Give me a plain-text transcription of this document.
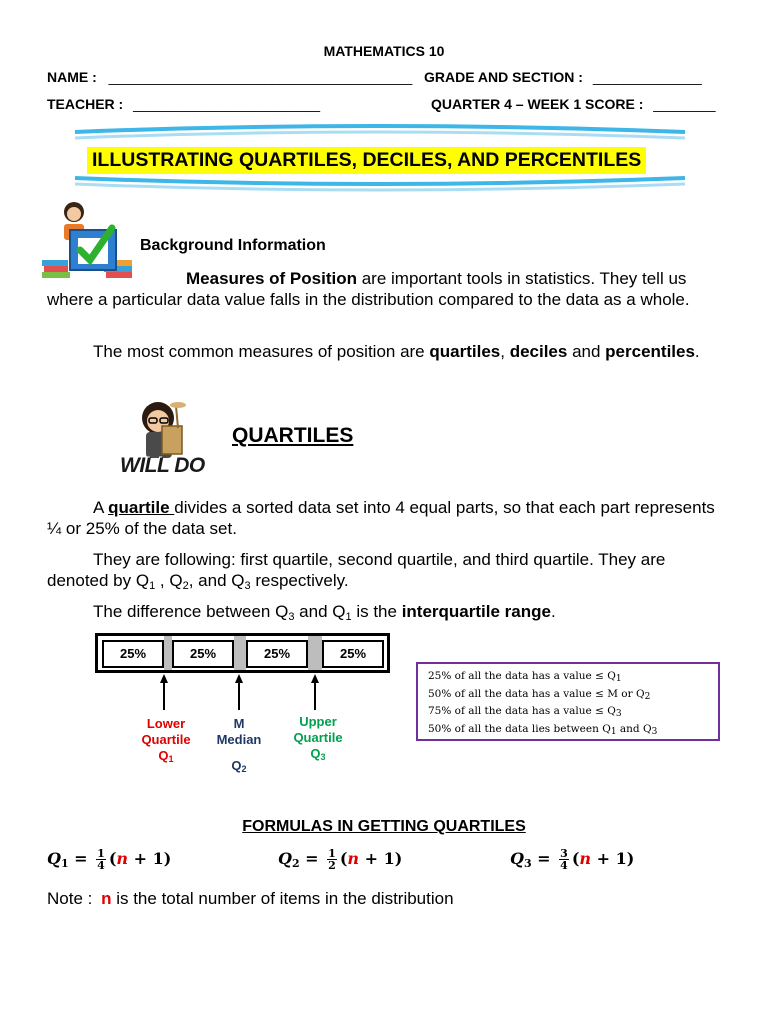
MATHEMATICS 10
NAME : _______________________________________ GRADE AND SECTION : ______________
TEACHER : ________________________	QUARTER 4 – WEEK 1 SCORE : ________
ILLUSTRATING QUARTILES, DECILES, AND PERCENTILES
Background Information
Measures of Position are important tools in statistics. They tell us where a particular data value falls in the distribution compared to the data as a whole.
The most common measures of position are quartiles, deciles and percentiles.
WILL DO
QUARTILES
A quartile divides a sorted data set into 4 equal parts, so that each part represents ¼ or 25% of the data set.
They are following: first quartile, second quartile, and third quartile. They are denoted by $Q_1$ , $Q_2$, and $Q_3$ respectively.
The difference between $Q_3$ and $Q_1$ is the interquartile range.
25%	25%	25%	25%
Lower
Quartile
Q1
M
Median
Q2
Upper
Quartile
Q3
25% of all the data has a value ≤ Q1
50% of all the data has a value ≤ M or Q2
75% of all the data has a value ≤ Q3
50% of all the data lies between Q1 and Q3
FORMULAS IN GETTING QUARTILES
$Q_1 = \frac{1}{4} (n + 1)$	$Q_2 = \frac{1}{2} (n + 1)$	$Q_3 = \frac{3}{4} (n + 1)$
Note : n is the total number of items in the distribution
